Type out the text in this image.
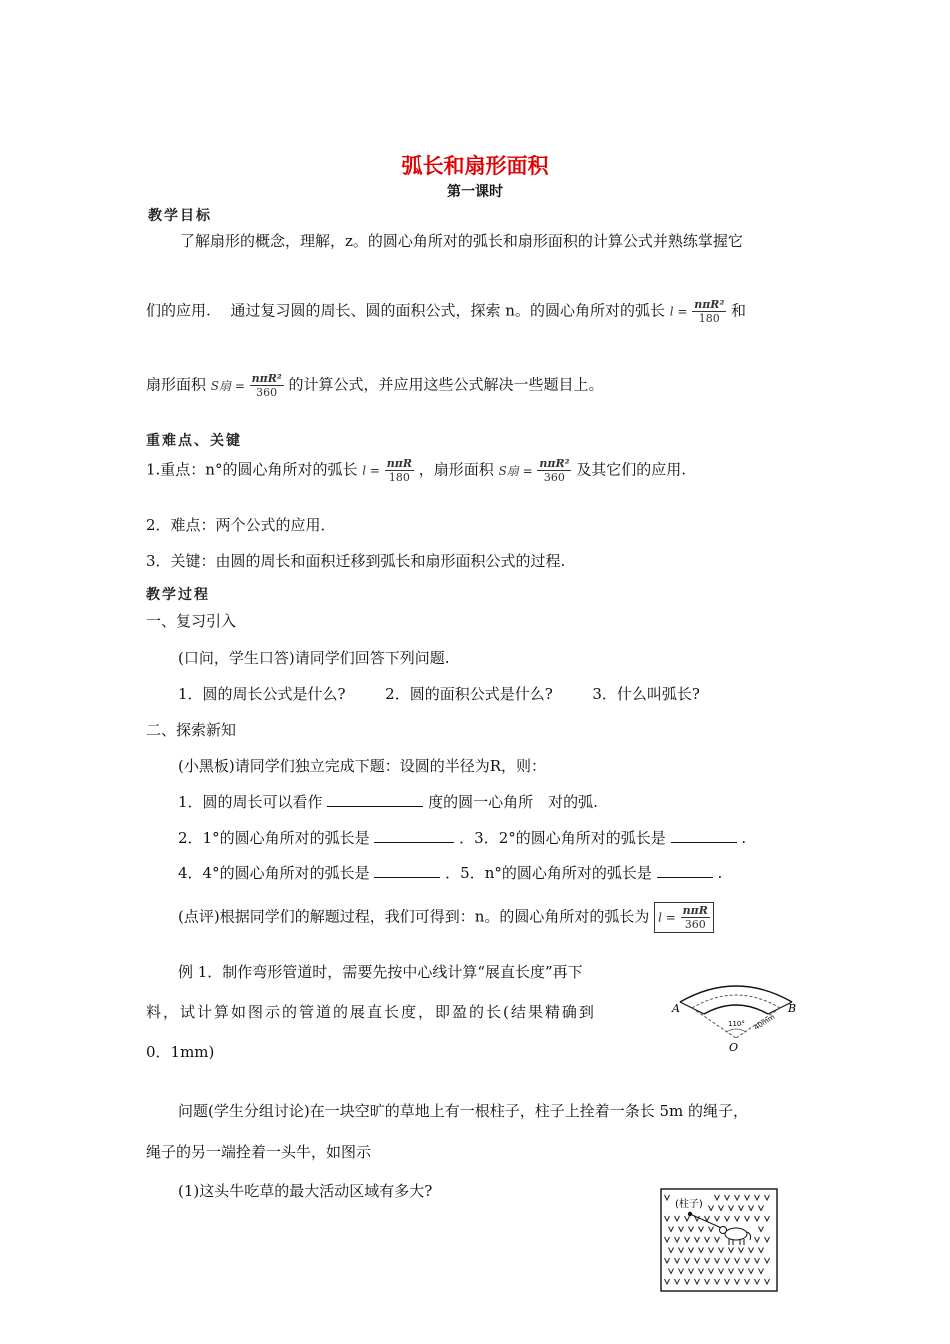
弧长和扇形面积
第一课时
教学目标
了解扇形的概念，理解，z。的圆心角所对的弧长和扇形面积的计算公式并熟练掌握它
们的应用.　 通过复习圆的周长、圆的面积公式，探索 n。的圆心角所对的弧长 $l = \frac{\text{nπR²}}{180}$ 和
扇形面积 S扇 = $\frac{\text{nπR²}}{360}$ 的计算公式，并应用这些公式解决一些题目上。
重难点、关键
1.重点：n°的圆心角所对的弧长 $l = \frac{\text{nπR}}{180}$ ，扇形面积 S扇 = $\frac{\text{nπR²}}{360}$ 及其它们的应用.
2．难点：两个公式的应用．
3．关键：由圆的周长和面积迁移到弧长和扇形面积公式的过程.
教学过程
一、复习引入
(口问，学生口答)请同学们回答下列问题.
1．圆的周长公式是什么?	2．圆的面积公式是什么?	3．什么叫弧长?
二、探索新知
(小黑板)请同学们独立完成下题：设圆的半径为R，则：
1．圆的周长可以看作	度的圆一心角所　对的弧.
2．1°的圆心角所对的弧长是	．3．2°的圆心角所对的弧长是	.
4．4°的圆心角所对的弧长是	．5．n°的圆心角所对的弧长是	.
(点评)根据同学们的解题过程，我们可得到：n。的圆心角所对的弧长为 $l = \frac{\text{nπR}}{360}$
例 1．制作弯形管道时，需要先按中心线计算“展直长度”再下
料，试计算如图示的管道的展直长度，即盈的长(结果精确到
0．1mm)
A	B
O
110° 40mm
问题(学生分组讨论)在一块空旷的草地上有一根柱子，柱子上拴着一条长 5m 的绳子，
绳子的另一端拴着一头牛，如图示
(1)这头牛吃草的最大活动区域有多大?
(柱子)
